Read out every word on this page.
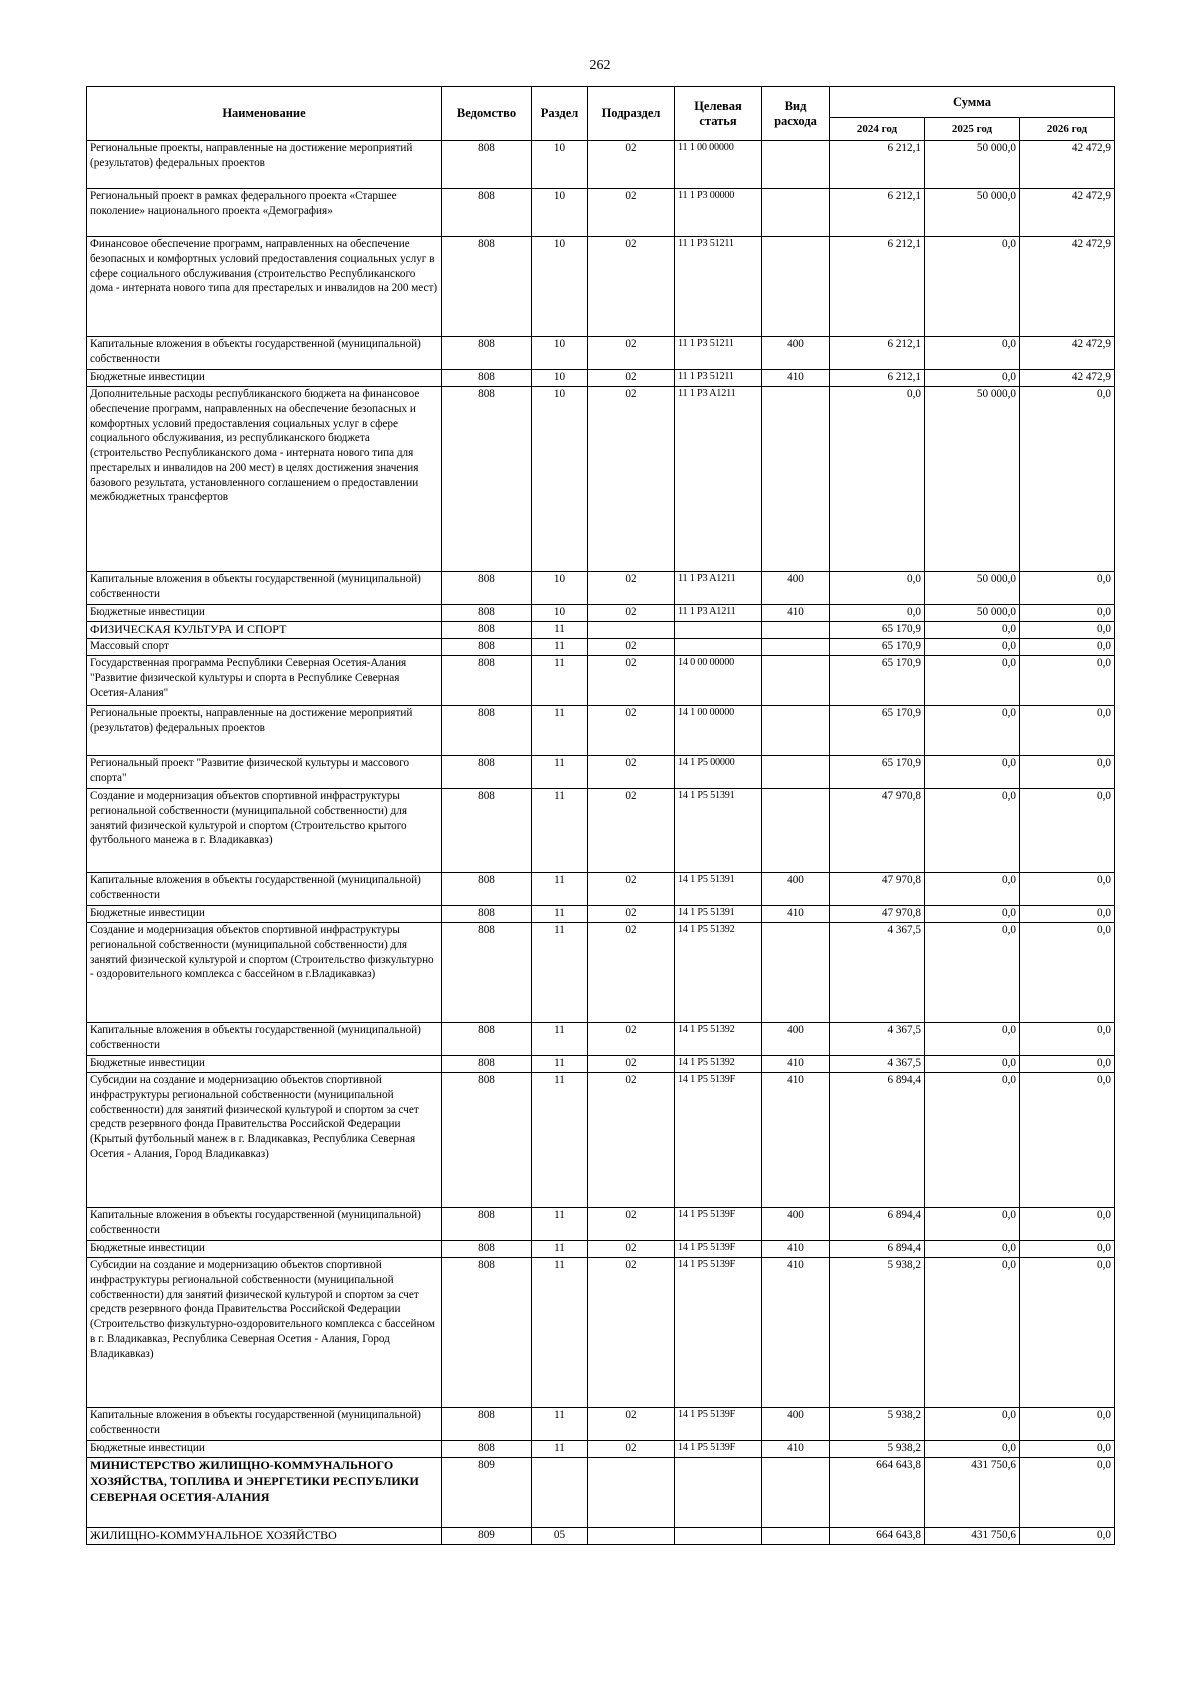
262
Наименование	Ведомство	Раздел	Подраздел	Целевая статья	Вид расхода	Сумма		
						2024 год	2025 год	2026 год
Региональные проекты, направленные на достижение мероприятий (результатов) федеральных проектов	808	10	02	11 1 00 00000		6 212,1	50 000,0	42 472,9
Региональный проект в рамках федерального проекта «Старшее поколение» национального проекта «Демография»	808	10	02	11 1 P3 00000		6 212,1	50 000,0	42 472,9
Финансовое обеспечение программ, направленных на обеспечение безопасных и комфортных условий предоставления социальных услуг в сфере социального обслуживания (строительство Республиканского дома - интерната нового типа для престарелых и инвалидов на 200 мест)	808	10	02	11 1 P3 51211		6 212,1	0,0	42 472,9
Капитальные вложения в объекты государственной (муниципальной) собственности	808	10	02	11 1 P3 51211	400	6 212,1	0,0	42 472,9
Бюджетные инвестиции	808	10	02	11 1 P3 51211	410	6 212,1	0,0	42 472,9
Дополнительные расходы республиканского бюджета на финансовое обеспечение программ, направленных на обеспечение безопасных и комфортных условий предоставления социальных услуг в сфере социального обслуживания, из республиканского бюджета (строительство Республиканского дома - интерната нового типа для престарелых и инвалидов на 200 мест) в целях достижения значения базового результата, установленного соглашением о предоставлении межбюджетных трансфертов	808	10	02	11 1 P3 A1211		0,0	50 000,0	0,0
Капитальные вложения в объекты государственной (муниципальной) собственности	808	10	02	11 1 P3 A1211	400	0,0	50 000,0	0,0
Бюджетные инвестиции	808	10	02	11 1 P3 A1211	410	0,0	50 000,0	0,0
ФИЗИЧЕСКАЯ КУЛЬТУРА И СПОРТ	808	11				65 170,9	0,0	0,0
Массовый спорт	808	11	02			65 170,9	0,0	0,0
Государственная программа Республики Северная Осетия-Алания "Развитие физической культуры и спорта в Республике Северная Осетия-Алания"	808	11	02	14 0 00 00000		65 170,9	0,0	0,0
Региональные проекты, направленные на достижение мероприятий (результатов) федеральных проектов	808	11	02	14 1 00 00000		65 170,9	0,0	0,0
Региональный проект "Развитие физической культуры и массового спорта"	808	11	02	14 1 P5 00000		65 170,9	0,0	0,0
Создание и модернизация объектов спортивной инфраструктуры региональной собственности (муниципальной собственности) для занятий физической культурой и спортом (Строительство крытого футбольного манежа в г. Владикавказ)	808	11	02	14 1 P5 51391		47 970,8	0,0	0,0
Капитальные вложения в объекты государственной (муниципальной) собственности	808	11	02	14 1 P5 51391	400	47 970,8	0,0	0,0
Бюджетные инвестиции	808	11	02	14 1 P5 51391	410	47 970,8	0,0	0,0
Создание и модернизация объектов спортивной инфраструктуры региональной собственности (муниципальной собственности) для занятий физической культурой и спортом (Строительство физкультурно - оздоровительного комплекса с бассейном в г.Владикавказ)	808	11	02	14 1 P5 51392		4 367,5	0,0	0,0
Капитальные вложения в объекты государственной (муниципальной) собственности	808	11	02	14 1 P5 51392	400	4 367,5	0,0	0,0
Бюджетные инвестиции	808	11	02	14 1 P5 51392	410	4 367,5	0,0	0,0
Субсидии на создание и модернизацию объектов спортивной инфраструктуры региональной собственности (муниципальной собственности) для занятий физической культурой и спортом за счет средств резервного фонда Правительства Российской Федерации (Крытый футбольный манеж в г. Владикавказ, Республика Северная Осетия - Алания, Город Владикавказ)	808	11	02	14 1 P5 5139F	410	6 894,4	0,0	0,0
Капитальные вложения в объекты государственной (муниципальной) собственности	808	11	02	14 1 P5 5139F	400	6 894,4	0,0	0,0
Бюджетные инвестиции	808	11	02	14 1 P5 5139F	410	6 894,4	0,0	0,0
Субсидии на создание и модернизацию объектов спортивной инфраструктуры региональной собственности (муниципальной собственности) для занятий физической культурой и спортом за счет средств резервного фонда Правительства Российской Федерации (Строительство физкультурно-оздоровительного комплекса с бассейном в г. Владикавказ, Республика Северная Осетия - Алания, Город Владикавказ)	808	11	02	14 1 P5 5139F	410	5 938,2	0,0	0,0
Капитальные вложения в объекты государственной (муниципальной) собственности	808	11	02	14 1 P5 5139F	400	5 938,2	0,0	0,0
Бюджетные инвестиции	808	11	02	14 1 P5 5139F	410	5 938,2	0,0	0,0
МИНИСТЕРСТВО ЖИЛИЩНО-КОММУНАЛЬНОГО ХОЗЯЙСТВА, ТОПЛИВА И ЭНЕРГЕТИКИ РЕСПУБЛИКИ СЕВЕРНАЯ ОСЕТИЯ-АЛАНИЯ	809					664 643,8	431 750,6	0,0
ЖИЛИЩНО-КОММУНАЛЬНОЕ ХОЗЯЙСТВО	809	05				664 643,8	431 750,6	0,0
